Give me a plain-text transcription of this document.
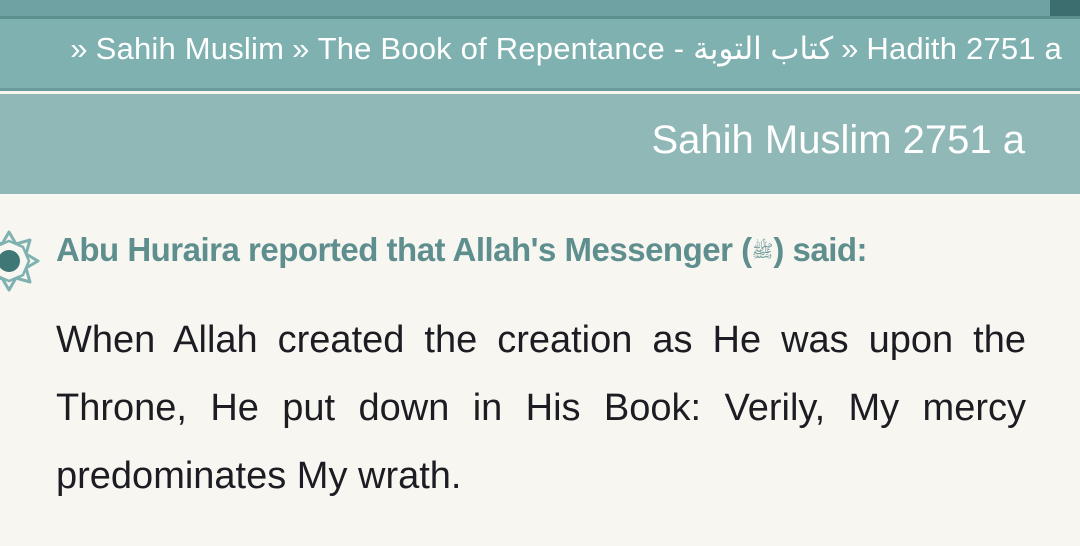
» Sahih Muslim » The Book of Repentance - كتاب التوبة » Hadith 2751 a
Sahih Muslim 2751 a
Abu Huraira reported that Allah's Messenger (ﷺ) said:
When Allah created the creation as He was upon the Throne, He put down in His Book: Verily, My mercy predominates My wrath.
